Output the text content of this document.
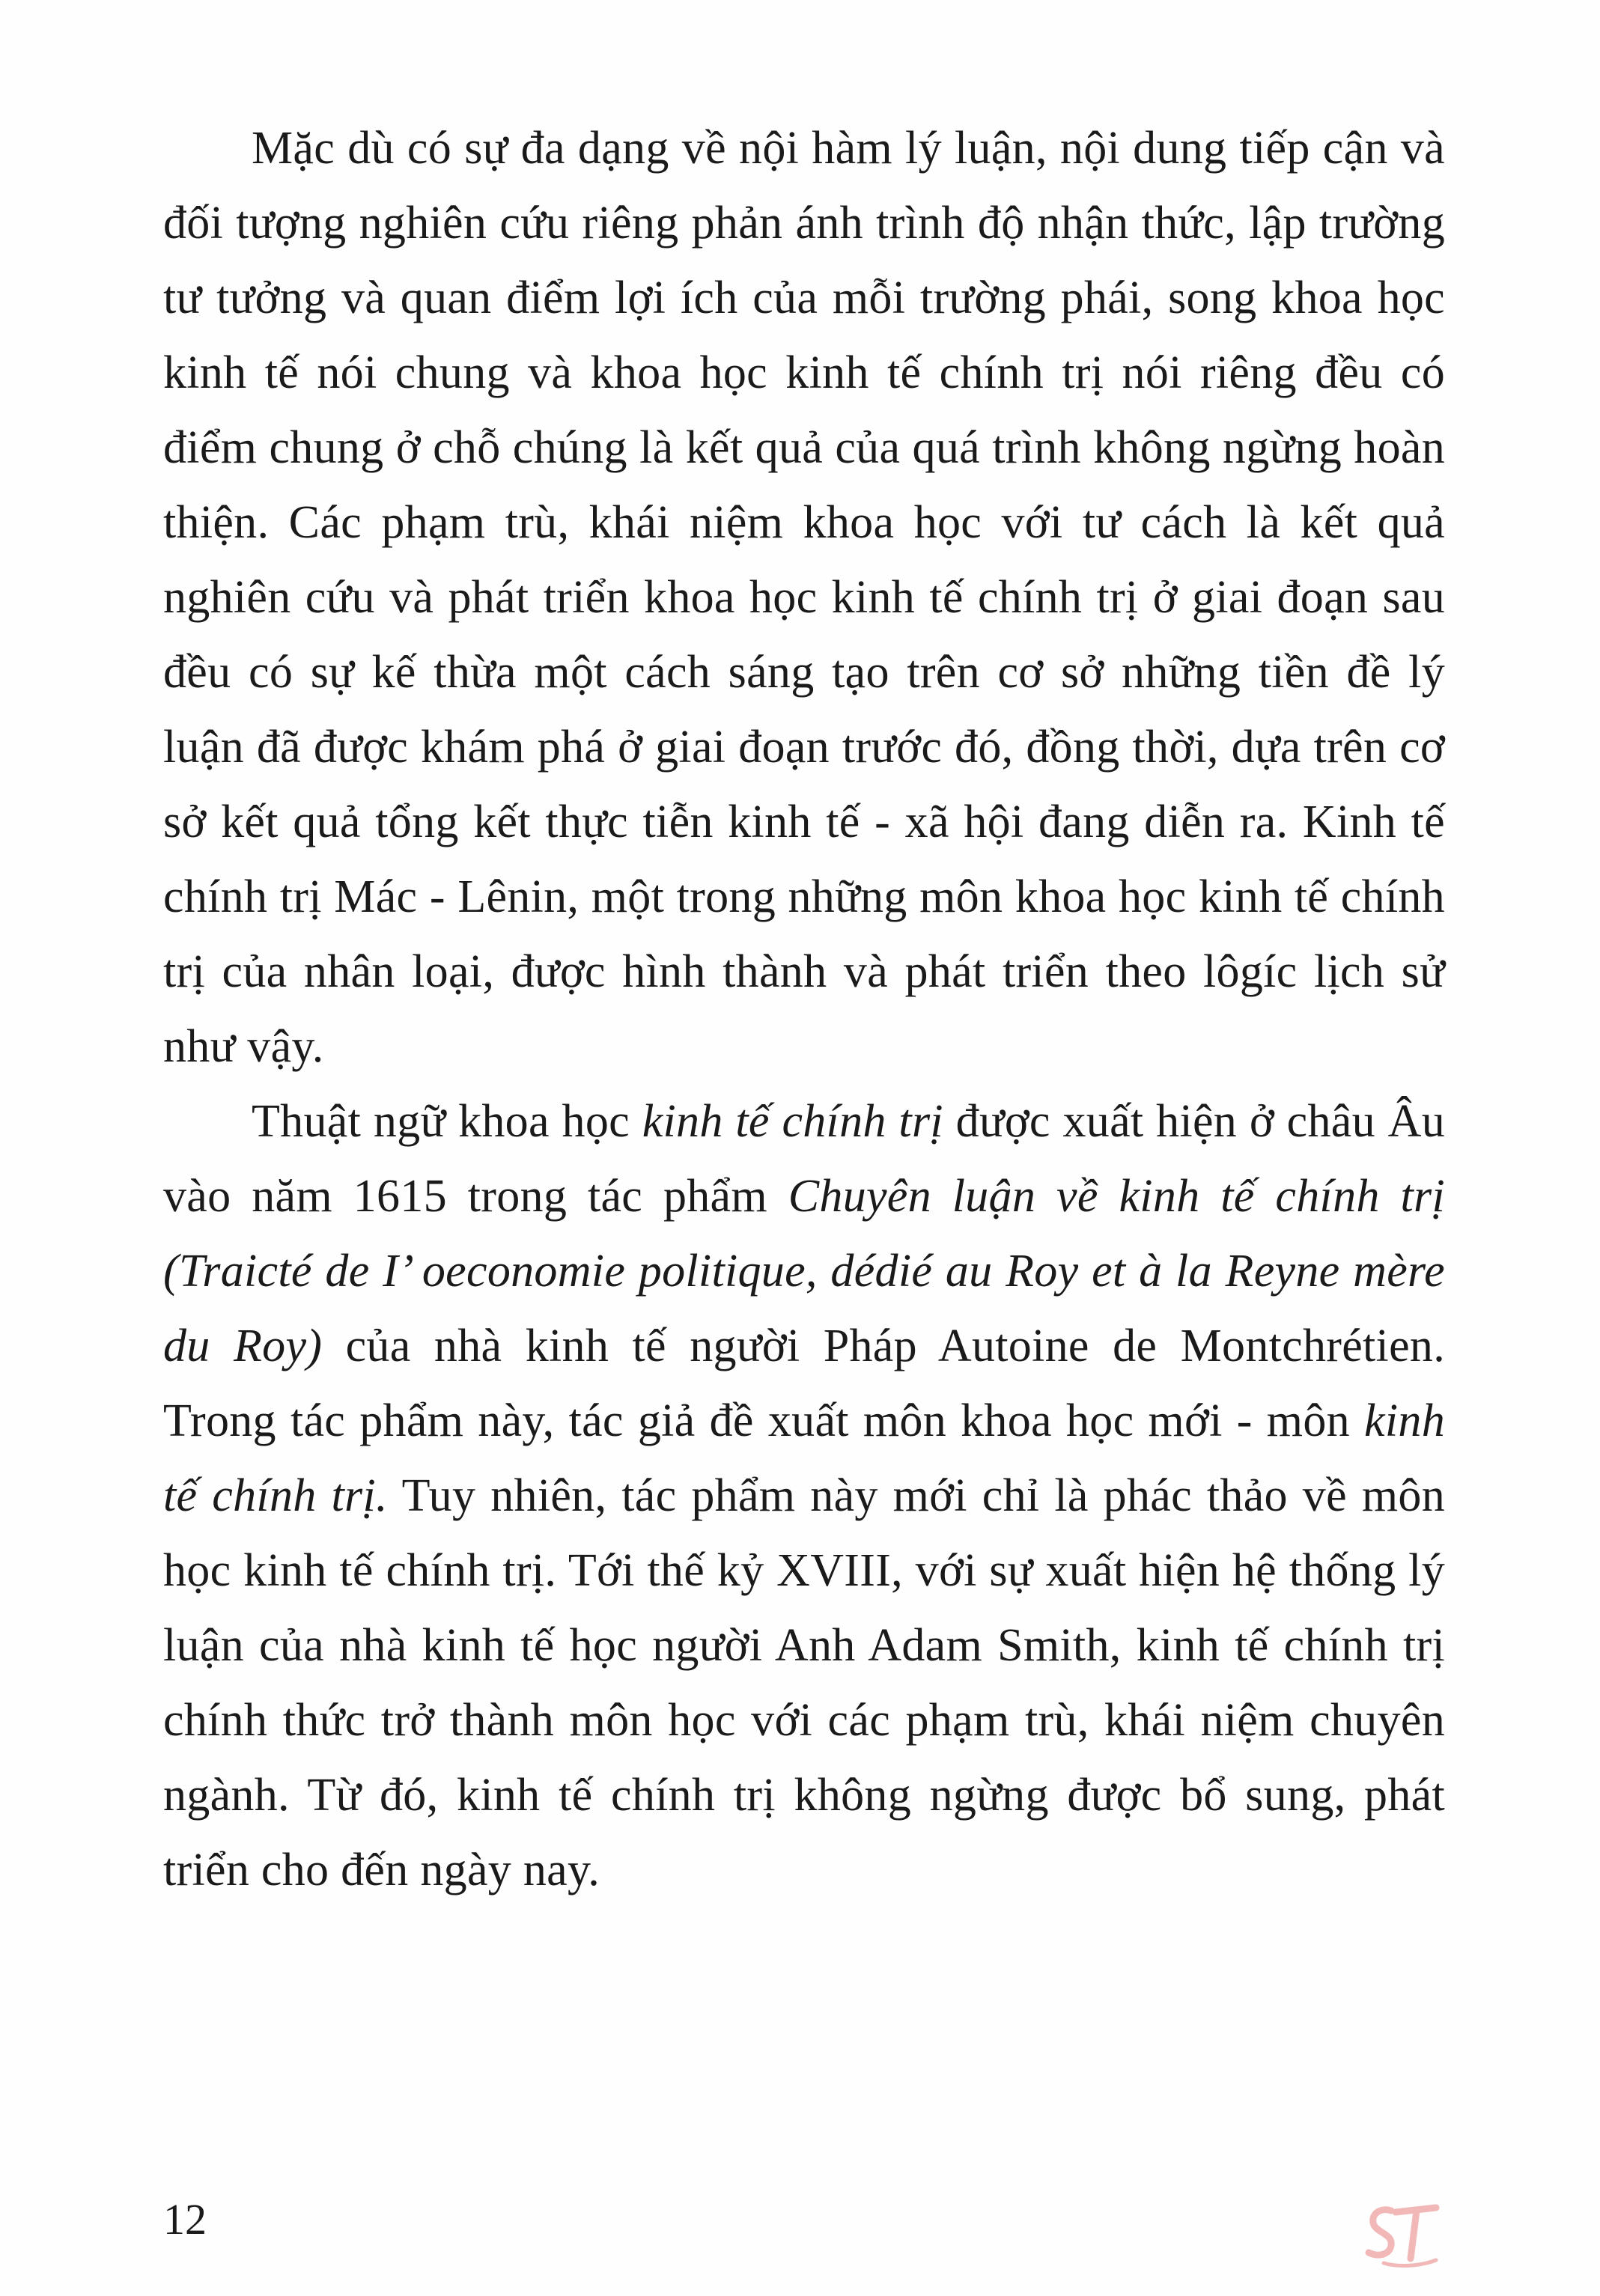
Mặc dù có sự đa dạng về nội hàm lý luận, nội dung tiếp cận và đối tượng nghiên cứu riêng phản ánh trình độ nhận thức, lập trường tư tưởng và quan điểm lợi ích của mỗi trường phái, song khoa học kinh tế nói chung và khoa học kinh tế chính trị nói riêng đều có điểm chung ở chỗ chúng là kết quả của quá trình không ngừng hoàn thiện. Các phạm trù, khái niệm khoa học với tư cách là kết quả nghiên cứu và phát triển khoa học kinh tế chính trị ở giai đoạn sau đều có sự kế thừa một cách sáng tạo trên cơ sở những tiền đề lý luận đã được khám phá ở giai đoạn trước đó, đồng thời, dựa trên cơ sở kết quả tổng kết thực tiễn kinh tế - xã hội đang diễn ra. Kinh tế chính trị Mác - Lênin, một trong những môn khoa học kinh tế chính trị của nhân loại, được hình thành và phát triển theo lôgíc lịch sử như vậy.

Thuật ngữ khoa học kinh tế chính trị được xuất hiện ở châu Âu vào năm 1615 trong tác phẩm Chuyên luận về kinh tế chính trị (Traicté de I’ oeconomie politique, dédié au Roy et à la Reyne mère du Roy) của nhà kinh tế người Pháp Autoine de Montchrétien. Trong tác phẩm này, tác giả đề xuất môn khoa học mới - môn kinh tế chính trị. Tuy nhiên, tác phẩm này mới chỉ là phác thảo về môn học kinh tế chính trị. Tới thế kỷ XVIII, với sự xuất hiện hệ thống lý luận của nhà kinh tế học người Anh Adam Smith, kinh tế chính trị chính thức trở thành môn học với các phạm trù, khái niệm chuyên ngành. Từ đó, kinh tế chính trị không ngừng được bổ sung, phát triển cho đến ngày nay.

12
